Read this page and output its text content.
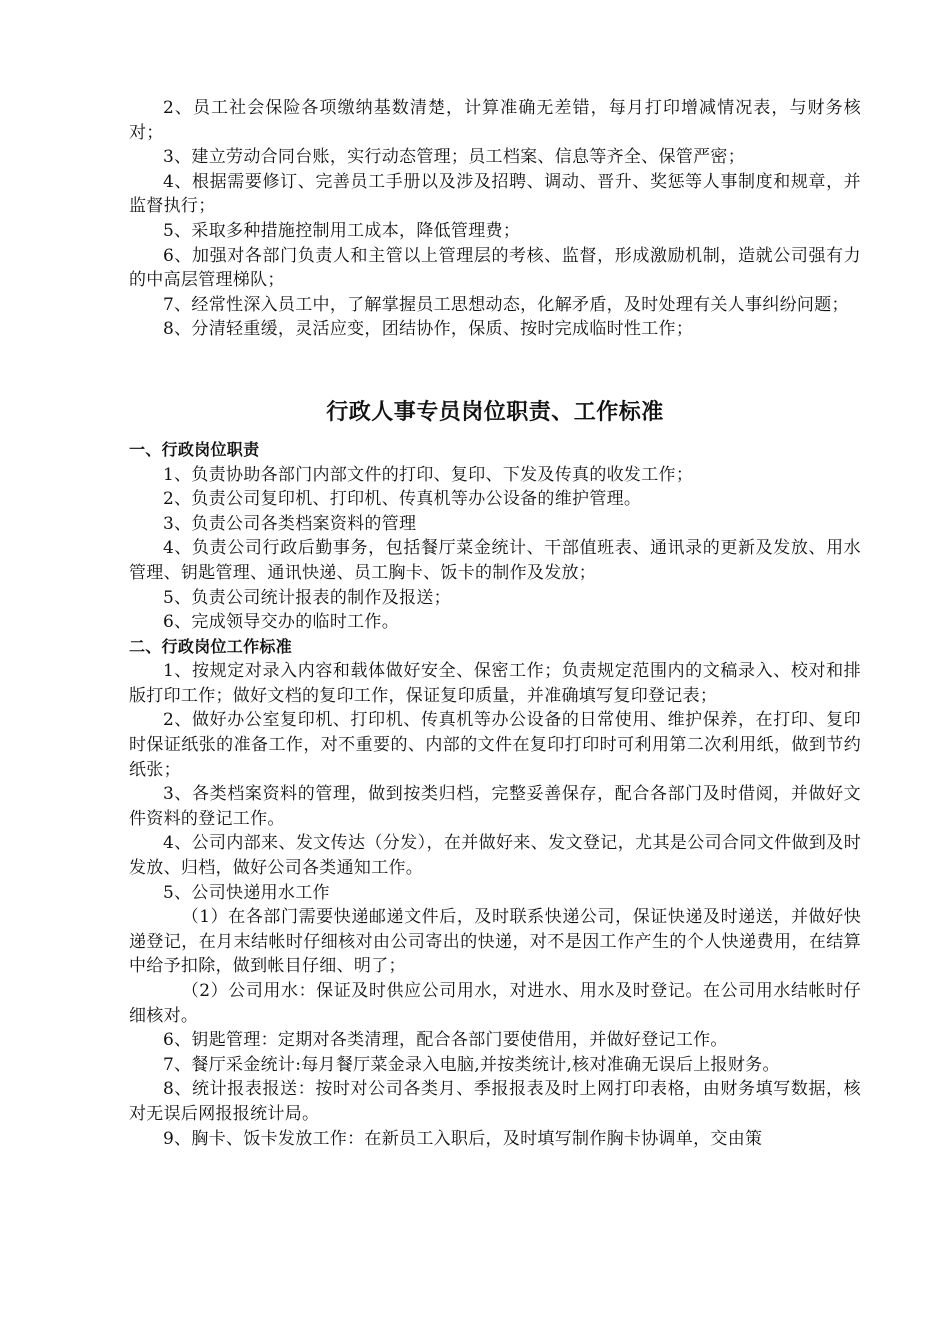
2、员工社会保险各项缴纳基数清楚，计算准确无差错，每月打印增减情况表，与财务核对；

3、建立劳动合同台账，实行动态管理；员工档案、信息等齐全、保管严密；

4、根据需要修订、完善员工手册以及涉及招聘、调动、晋升、奖惩等人事制度和规章，并监督执行；

5、采取多种措施控制用工成本，降低管理费；

6、加强对各部门负责人和主管以上管理层的考核、监督，形成激励机制，造就公司强有力的中高层管理梯队；

7、经常性深入员工中，了解掌握员工思想动态，化解矛盾，及时处理有关人事纠纷问题；

8、分清轻重缓，灵活应变，团结协作，保质、按时完成临时性工作；

行政人事专员岗位职责、工作标准
一、行政岗位职责

1、负责协助各部门内部文件的打印、复印、下发及传真的收发工作；

2、负责公司复印机、打印机、传真机等办公设备的维护管理。

3、负责公司各类档案资料的管理

4、负责公司行政后勤事务，包括餐厅菜金统计、干部值班表、通讯录的更新及发放、用水管理、钥匙管理、通讯快递、员工胸卡、饭卡的制作及发放；

5、负责公司统计报表的制作及报送；

6、完成领导交办的临时工作。

二、行政岗位工作标准

1、按规定对录入内容和载体做好安全、保密工作；负责规定范围内的文稿录入、校对和排版打印工作；做好文档的复印工作，保证复印质量，并准确填写复印登记表；

2、做好办公室复印机、打印机、传真机等办公设备的日常使用、维护保养，在打印、复印时保证纸张的准备工作，对不重要的、内部的文件在复印打印时可利用第二次利用纸，做到节约纸张；

3、各类档案资料的管理，做到按类归档，完整妥善保存，配合各部门及时借阅，并做好文件资料的登记工作。

4、公司内部来、发文传达（分发），在并做好来、发文登记，尤其是公司合同文件做到及时发放、归档，做好公司各类通知工作。

5、公司快递用水工作

（1）在各部门需要快递邮递文件后，及时联系快递公司，保证快递及时递送，并做好快递登记，在月末结帐时仔细核对由公司寄出的快递，对不是因工作产生的个人快递费用，在结算中给予扣除，做到帐目仔细、明了；

（2）公司用水：保证及时供应公司用水，对进水、用水及时登记。在公司用水结帐时仔细核对。

6、钥匙管理：定期对各类清理，配合各部门要使借用，并做好登记工作。

7、餐厅采金统计:每月餐厅菜金录入电脑,并按类统计,核对准确无误后上报财务。

8、统计报表报送：按时对公司各类月、季报报表及时上网打印表格，由财务填写数据，核对无误后网报报统计局。

9、胸卡、饭卡发放工作：在新员工入职后，及时填写制作胸卡协调单，交由策
